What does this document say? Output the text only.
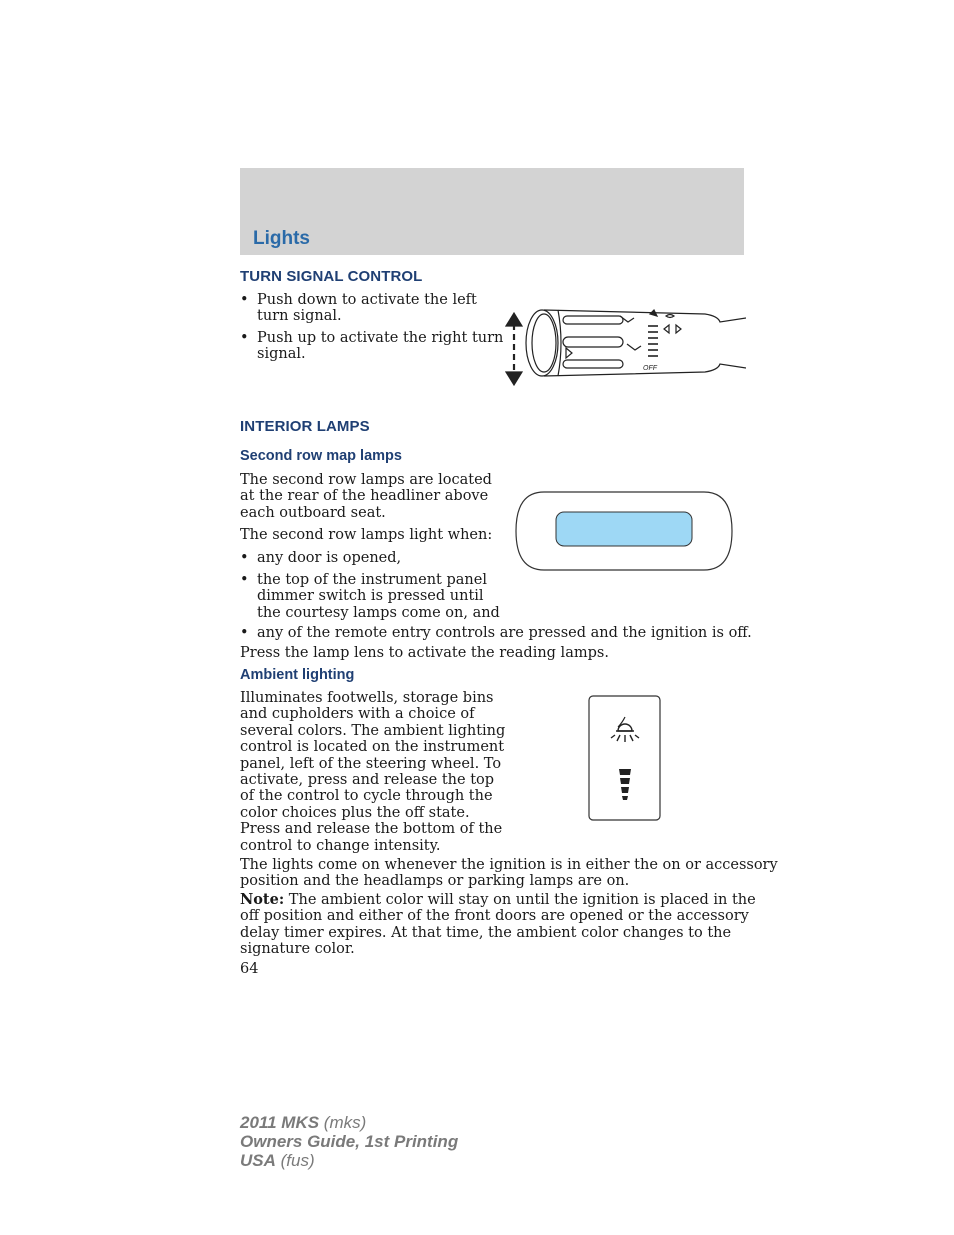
Lights
TURN SIGNAL CONTROL
• Push down to activate the left
turn signal.
• Push up to activate the right turn
signal.
OFF
INTERIOR LAMPS
Second row map lamps
The second row lamps are located
at the rear of the headliner above
each outboard seat.
The second row lamps light when:
• any door is opened,
• the top of the instrument panel
dimmer switch is pressed until
the courtesy lamps come on, and
• any of the remote entry controls are pressed and the ignition is off.
Press the lamp lens to activate the reading lamps.
Ambient lighting
Illuminates footwells, storage bins
and cupholders with a choice of
several colors. The ambient lighting
control is located on the instrument
panel, left of the steering wheel. To
activate, press and release the top
of the control to cycle through the
color choices plus the off state.
Press and release the bottom of the
control to change intensity.
The lights come on whenever the ignition is in either the on or accessory
position and the headlamps or parking lamps are on.
Note: The ambient color will stay on until the ignition is placed in the
off position and either of the front doors are opened or the accessory
delay timer expires. At that time, the ambient color changes to the
signature color.
64
2011 MKS (mks)
Owners Guide, 1st Printing
USA (fus)
